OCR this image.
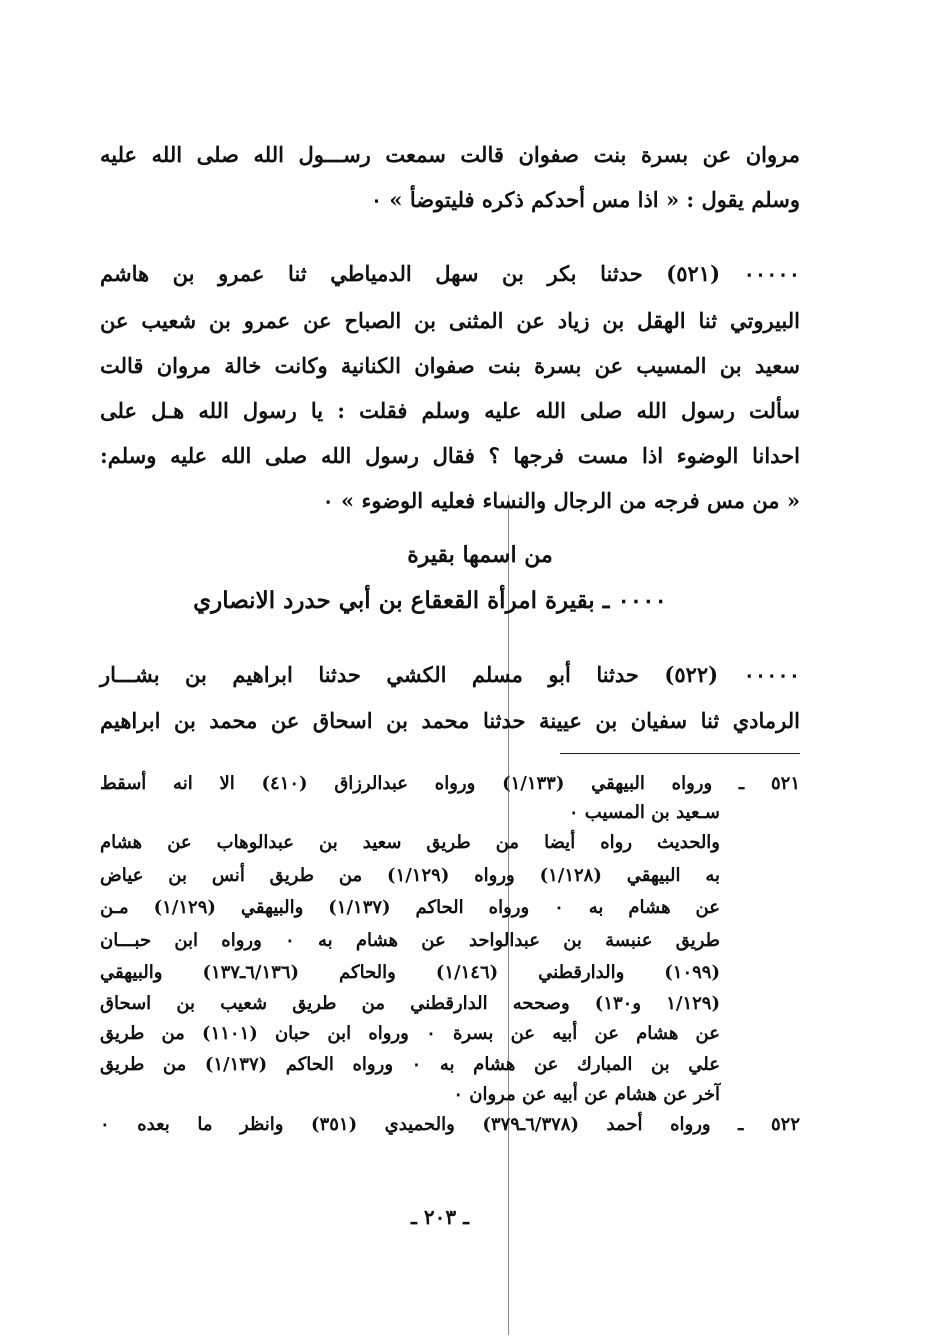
مروان عن بسرة بنت صفوان قالت سمعت رســـول الله صلى الله عليه
وسلم يقول : « اذا مس أحدكم ذكره فليتوضأ » ٠
٠٠٠٠٠ (٥٢١) حدثنا بكر بن سهل الدمياطي ثنا عمرو بن هاشم
البيروتي ثنا الهقل بن زياد عن المثنى بن الصباح عن عمرو بن شعيب عن
سعيد بن المسيب عن بسرة بنت صفوان الكنانية وكانت خالة مروان قالت
سألت رسول الله صلى الله عليه وسلم فقلت : يا رسول الله هـل على
احدانا الوضوء اذا مست فرجها ؟ فقال رسول الله صلى الله عليه وسلم:
« من مس فرجه من الرجال والنساء فعليه الوضوء » ٠
من اسمها بقيرة
٠٠٠٠ ـ بقيرة امرأة القعقاع بن أبي حدرد الانصاري
٠٠٠٠٠ (٥٢٢) حدثنا أبو مسلم الكشي حدثنا ابراهيم بن بشـــار
الرمادي ثنا سفيان بن عيينة حدثنا محمد بن اسحاق عن محمد بن ابراهيم
٥٢١ ـ ورواه البيهقي (١/١٣٣) ورواه عبدالرزاق (٤١٠) الا انه أسقط
سـعيد بن المسيب ٠
والحديث رواه أيضا من طريق سعيد بن عبدالوهاب عن هشام
به البيهقي (١/١٢٨) ورواه (١/١٢٩) من طريق أنس بن عياض
عن هشام به ٠ ورواه الحاكم (١/١٣٧) والبيهقي (١/١٢٩) مـن
طريق عنبسة بن عبدالواحد عن هشام به ٠ ورواه ابن حبـــان
(١٠٩٩) والدارقطني (١/١٤٦) والحاكم (٦/١٣٦ـ١٣٧) والبيهقي
(١/١٢٩ و١٣٠) وصححه الدارقطني من طريق شعيب بن اسحاق
عن هشام عن أبيه عن بسرة ٠ ورواه ابن حبان (١١٠١) من طريق
علي بن المبارك عن هشام به ٠ ورواه الحاكم (١/١٣٧) من طريق
آخر عن هشام عن أبيه عن مروان ٠
٥٢٢ ـ ورواه أحمد (٦/٣٧٨ـ٣٧٩) والحميدي (٣٥١) وانظر ما بعده ٠
ـ ٢٠٣ ـ
